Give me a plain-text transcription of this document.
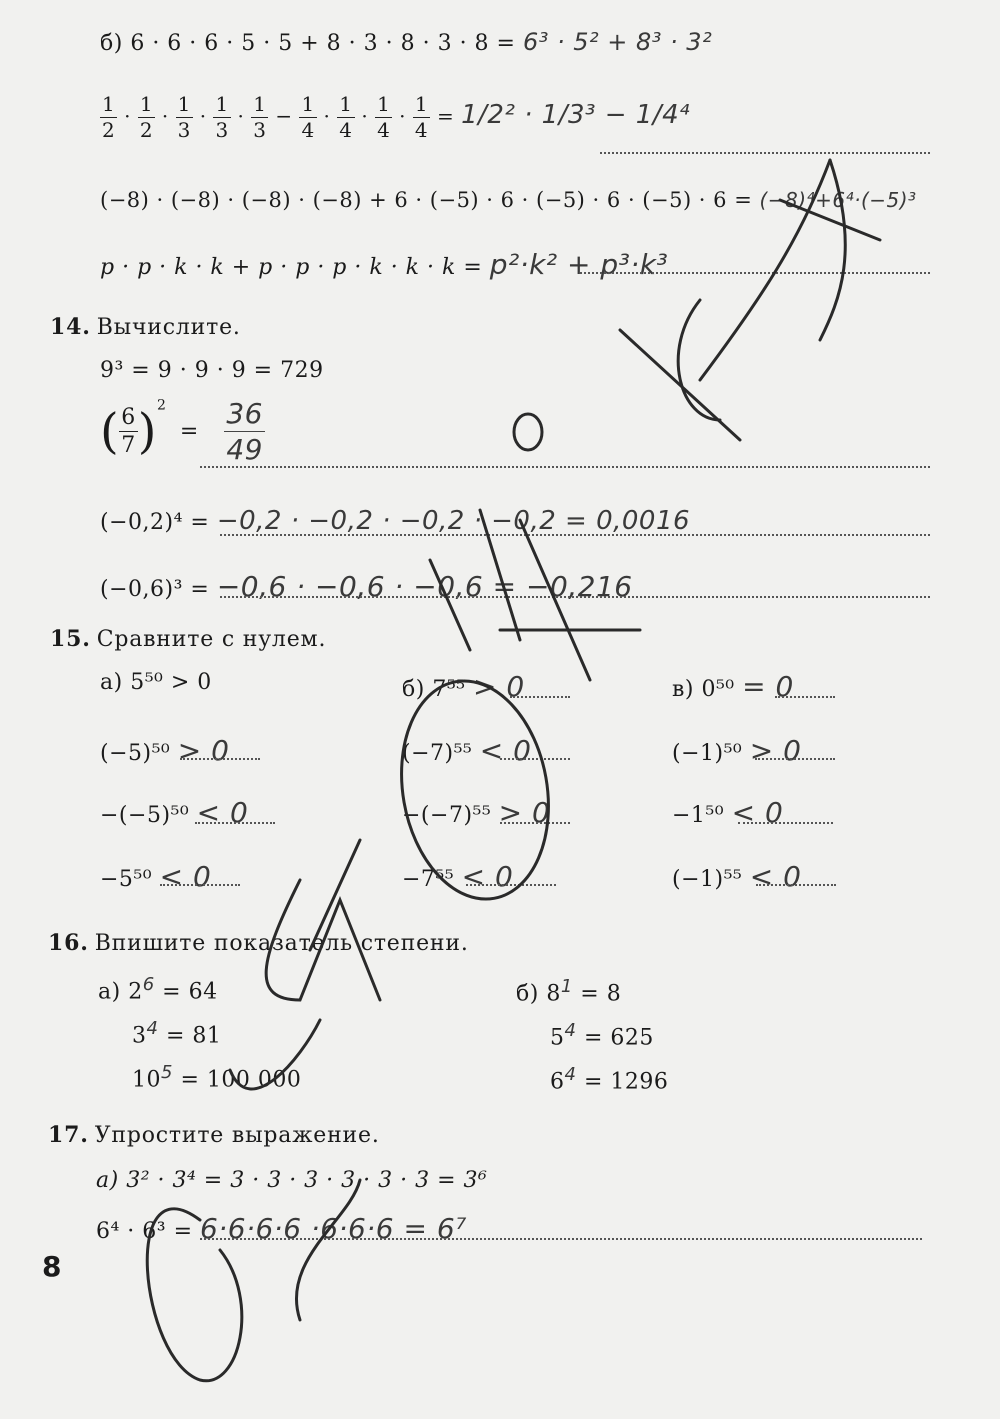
б) 6 · 6 · 6 · 5 · 5 + 8 · 3 · 8 · 3 · 8 = 6³ · 5² + 8³ · 3²
$\frac{1}{2} \cdot \frac{1}{2} \cdot \frac{1}{3} \cdot \frac{1}{3} \cdot \frac{1}{3} - \frac{1}{4} \cdot \frac{1}{4} \cdot \frac{1}{4} \cdot \frac{1}{4} = 1/2^2 \cdot 1/3^3 - 1/4^4$
(−8) · (−8) · (−8) · (−8) + 6 · (−5) · 6 · (−5) · 6 · (−5) · 6 = (−8)⁴+6⁴·(−5)³
p · p · k · k + p · p · p · k · k · k = p²·k² + p³·k³
14. Вычислите.
9³ = 9 · 9 · 9 = 729
( $\frac{6}{7} )^2 = \frac{36}{49}$
(−0,2)⁴ = −0,2 · −0,2 · −0,2 · −0,2 = 0,0016
(−0,6)³ = −0,6 · −0,6 · −0,6 = −0,216
15. Сравните с нулем.
а) 5⁵⁰ > 0
(−5)⁵⁰ > 0
−(−5)⁵⁰ < 0
−5⁵⁰ < 0
б) 7⁵⁵ > 0
(−7)⁵⁵ < 0
−(−7)⁵⁵ > 0
−7⁵⁵ < 0
в) 0⁵⁰ = 0
(−1)⁵⁰ > 0
−1⁵⁰ < 0
(−1)⁵⁵ < 0
16. Впишите показатель степени.
а) $2^6 = 64$
$3^4 = 81$
$10^5 = 100$ 000
б) $8^1 = 8$
$5^4 = 625$
$6^4 = 1296$
17. Упростите выражение.
а) 3² · 3⁴ = 3 · 3 · 3 · 3 · 3 · 3 = 3⁶
6⁴ · 6³ = 6·6·6·6 ·6·6·6 = 6⁷
8
